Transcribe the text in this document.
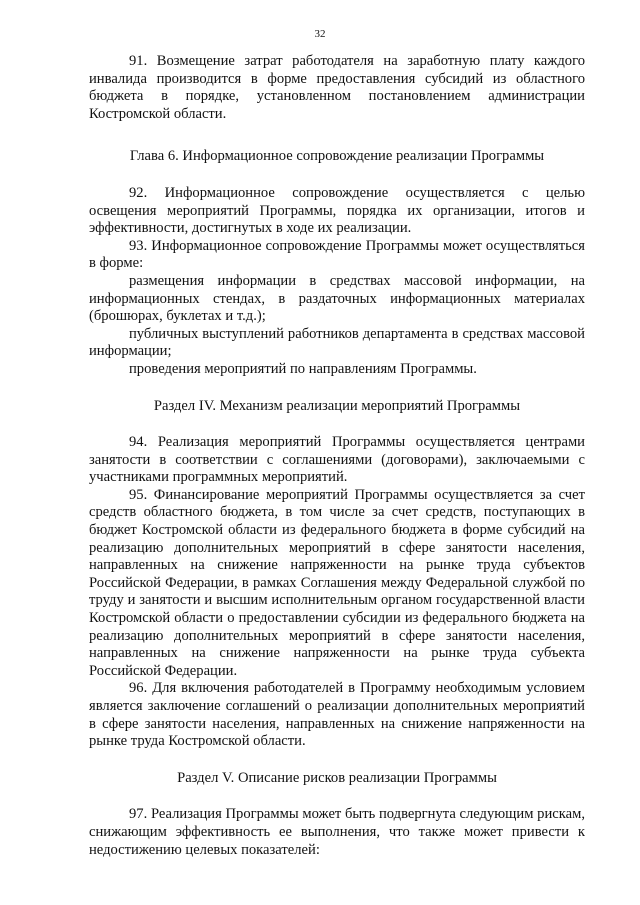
32

91. Возмещение затрат работодателя на заработную плату каждого инвалида производится в форме предоставления субсидий из областного бюджета в порядке, установленном постановлением администрации Костромской области.

Глава 6. Информационное сопровождение реализации Программы

92. Информационное сопровождение осуществляется с целью освещения мероприятий Программы, порядка их организации, итогов и эффективности, достигнутых в ходе их реализации.

93. Информационное сопровождение Программы может осуществляться в форме:

размещения информации в средствах массовой информации, на информационных стендах, в раздаточных информационных материалах (брошюрах, буклетах и т.д.);

публичных выступлений работников департамента в средствах массовой информации;

проведения мероприятий по направлениям Программы.

Раздел IV. Механизм реализации мероприятий Программы

94. Реализация мероприятий Программы осуществляется центрами занятости в соответствии с соглашениями (договорами), заключаемыми с участниками программных мероприятий.

95. Финансирование мероприятий Программы осуществляется за счет средств областного бюджета, в том числе за счет средств, поступающих в бюджет Костромской области из федерального бюджета в форме субсидий на реализацию дополнительных мероприятий в сфере занятости населения, направленных на снижение напряженности на рынке труда субъектов Российской Федерации, в рамках Соглашения между Федеральной службой по труду и занятости и высшим исполнительным органом государственной власти Костромской области о предоставлении субсидии из федерального бюджета на реализацию дополнительных мероприятий в сфере занятости населения, направленных на снижение напряженности на рынке труда субъекта Российской Федерации.

96. Для включения работодателей в Программу необходимым условием является заключение соглашений о реализации дополнительных мероприятий в сфере занятости населения, направленных на снижение напряженности на рынке труда Костромской области.

Раздел V. Описание рисков реализации Программы

97. Реализация Программы может быть подвергнута следующим рискам, снижающим эффективность ее выполнения, что также может привести к недостижению целевых показателей:
